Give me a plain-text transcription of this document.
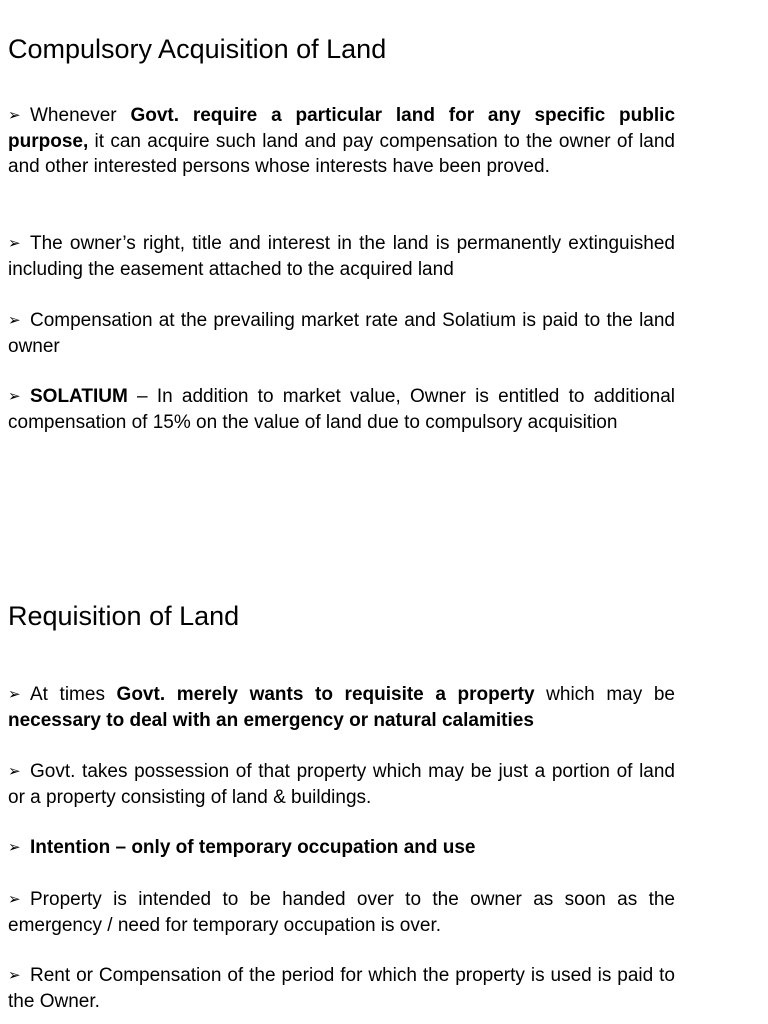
Compulsory Acquisition of Land

➢ Whenever Govt. require a particular land for any specific public purpose, it can acquire such land and pay compensation to the owner of land and other interested persons whose interests have been proved.

➢ The owner’s right, title and interest in the land is permanently extinguished including the easement attached to the acquired land

➢ Compensation at the prevailing market rate and Solatium is paid to the land owner

➢ SOLATIUM – In addition to market value, Owner is entitled to additional compensation of 15% on the value of land due to compulsory acquisition

Requisition of Land

➢ At times Govt. merely wants to requisite a property which may be necessary to deal with an emergency or natural calamities

➢ Govt. takes possession of that property which may be just a portion of land or a property consisting of land & buildings.

➢ Intention – only of temporary occupation and use

➢ Property is intended to be handed over to the owner as soon as the emergency / need for temporary occupation is over.

➢ Rent or Compensation of the period for which the property is used is paid to the Owner.
